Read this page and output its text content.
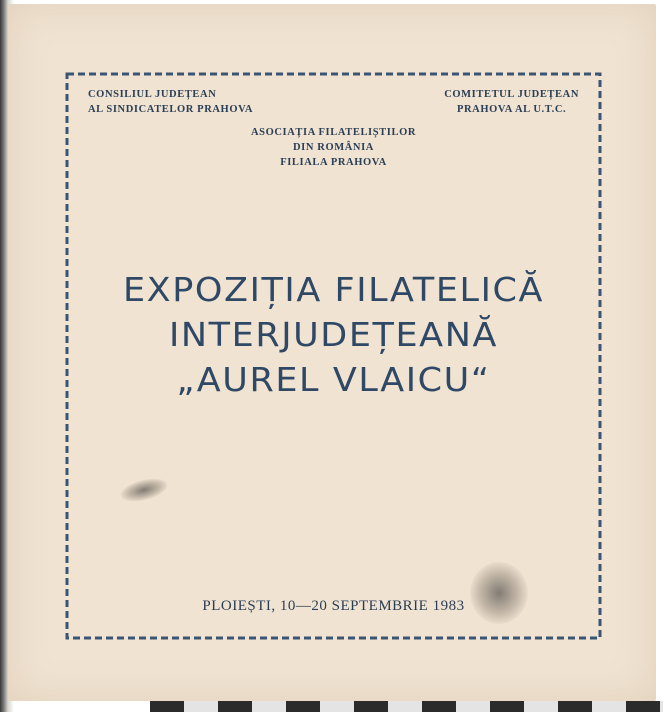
CONSILIUL JUDEȚEAN
AL SINDICATELOR PRAHOVA
COMITETUL JUDEȚEAN
PRAHOVA AL U.T.C.
ASOCIAȚIA FILATELIȘTILOR
DIN ROMÂNIA
FILIALA PRAHOVA
EXPOZIȚIA FILATELICĂ
INTERJUDEȚEANĂ
„AUREL VLAICU“
PLOIEȘTI, 10—20 SEPTEMBRIE 1983
